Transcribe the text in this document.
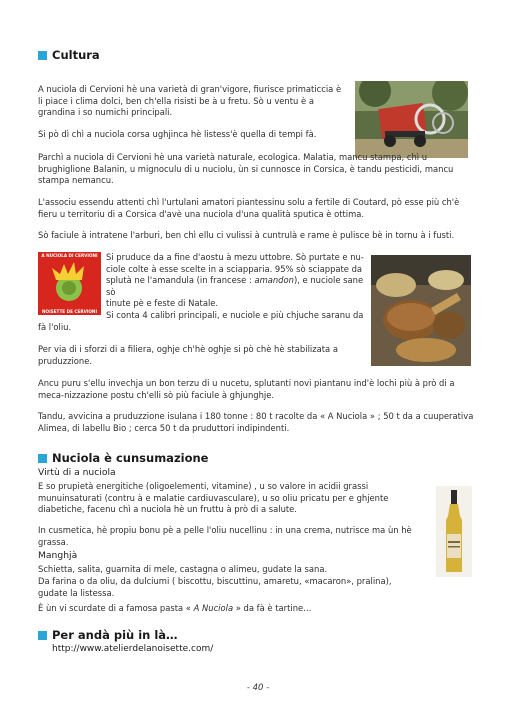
Cultura
A nuciola di Cervioni hè una varietà di gran'vigore, fiurisce primaticcia è li piace i clima dolci, ben ch'ella risisti be à u fretu. Sò u ventu è a grandina i so numichi principali.
Si pò dì chì a nuciola corsa ughjinca hè listess'è quella di tempi fà.
Parchì a nuciola di Cervioni hè una varietà naturale, ecologica. Malatia, mancu stampa, chì u brughiglione Balanin, u mignoculu di u nuciolu, ùn si cunnosce in Corsica, è tandu pesticidi, mancu stampa nemancu.
L'associu essendu attenti chì l'urtulani amatori piantessinu solu a fertile di Coutard, pò esse più ch'è fieru u territoriu di a Corsica d'avè una nuciola d'una qualità sputica è ottima.
Sò faciule à intratene l'arburi, ben chì ellu ci vulissi à cuntrulà e rame è pulisce bè in tornu à i fusti.
A NUCIOLA DI CERVIONI
NOISETTE DE CERVIONI
Si pruduce da a fine d'aostu à mezu uttobre. Sò purtate e nu-
ciole colte à esse scelte in a sciapparia. 95% sò sciappate da
splutà ne l'amandula (in francese : amandon), e nuciole sane sò
tinute pè e feste di Natale.
Si conta 4 calibri principali, e nuciole e più chjuche saranu da
fà l'oliu.
Per via di i sforzi di a filiera, oghje ch'hè oghje si pò chè hè stabilizata a pruduzzione.
Ancu puru s'ellu invechja un bon terzu di u nucetu, splutanti novi piantanu ind'è lochi più à prò di a meca-nizzazione postu ch'elli sò più faciule à ghjunghje.
Tandu, avvicina a pruduzzione isulana i 180 tonne : 80 t racolte da « A Nuciola » ; 50 t da a cuuperativa Alimea, di labellu Bio ; cerca 50 t da pruduttori indipindenti.
Nuciola è cunsumazione
Virtù di a nuciola
E so prupietà energitiche (oligoelementi, vitamine) , u so valore in acidii grassi munuinsaturati (contru à e malatie cardiuvasculare), u so oliu pricatu per e ghjente diabetiche, facenu chì a nuciola hè un fruttu à prò di a salute.
In cusmetica, hè propiu bonu pè a pelle l'oliu nucellinu : in una crema, nutrisce ma ùn hè grassa.
Manghjà
Schietta, salita, guarnita di mele, castagna o alimeu, gudate la sana.
Da farina o da oliu, da dulciumi ( biscottu, biscuttinu, amaretu, «macaron», pralina), gudate la listessa.
È ùn vi scurdate di a famosa pasta « A Nuciola » da fà è tartine…
Per andà più in là…
http://www.atelierdelanoisette.com/
- 40 -
